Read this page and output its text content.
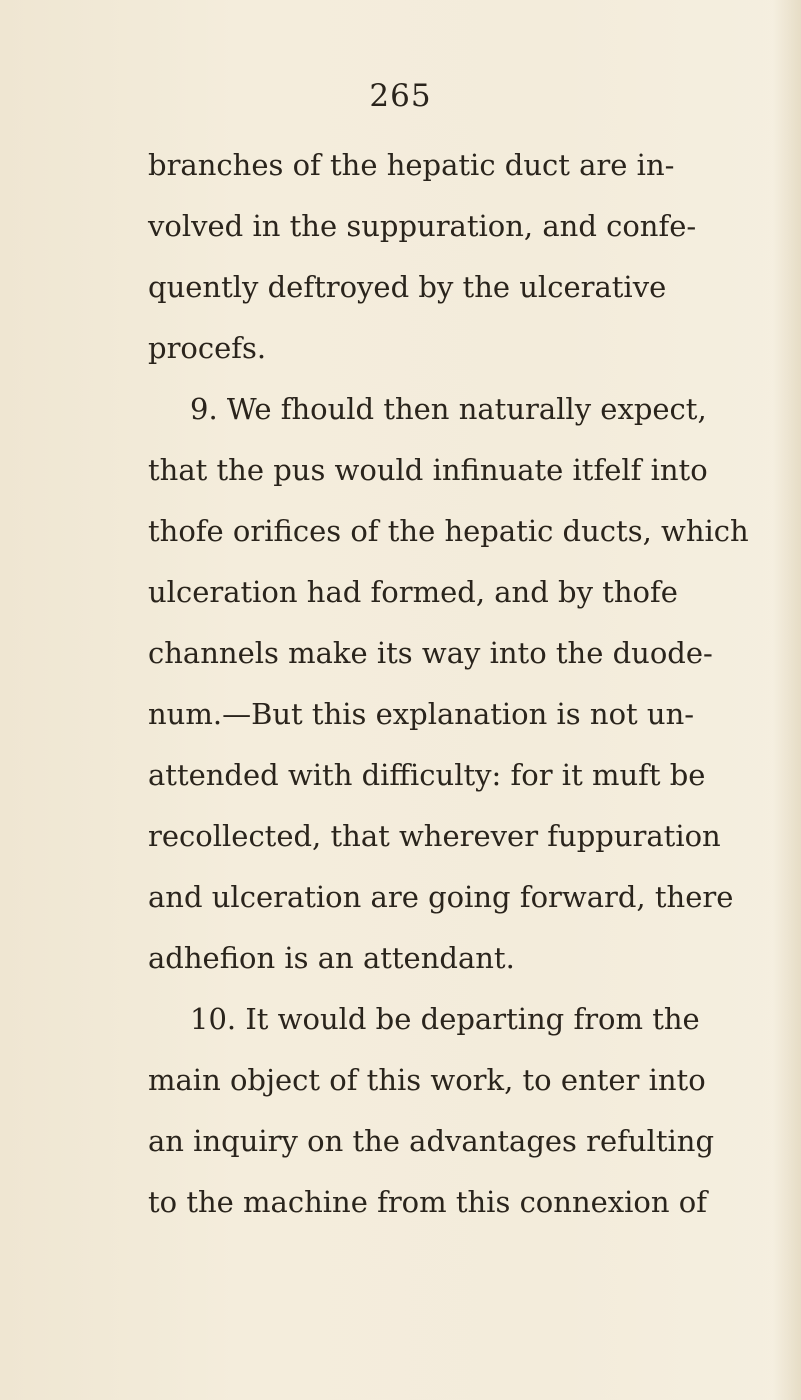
265
branches of the hepatic duct are in-
volved in the suppuration, and confe-
quently deftroyed by the ulcerative
procefs.
9. We fhould then naturally expect,
that the pus would infinuate itfelf into
thofe orifices of the hepatic ducts, which
ulceration had formed, and by thofe
channels make its way into the duode-
num.—But this explanation is not un-
attended with difficulty: for it muft be
recollected, that wherever fuppuration
and ulceration are going forward, there
adhefion is an attendant.
10. It would be departing from the
main object of this work, to enter into
an inquiry on the advantages refulting
to the machine from this connexion of
